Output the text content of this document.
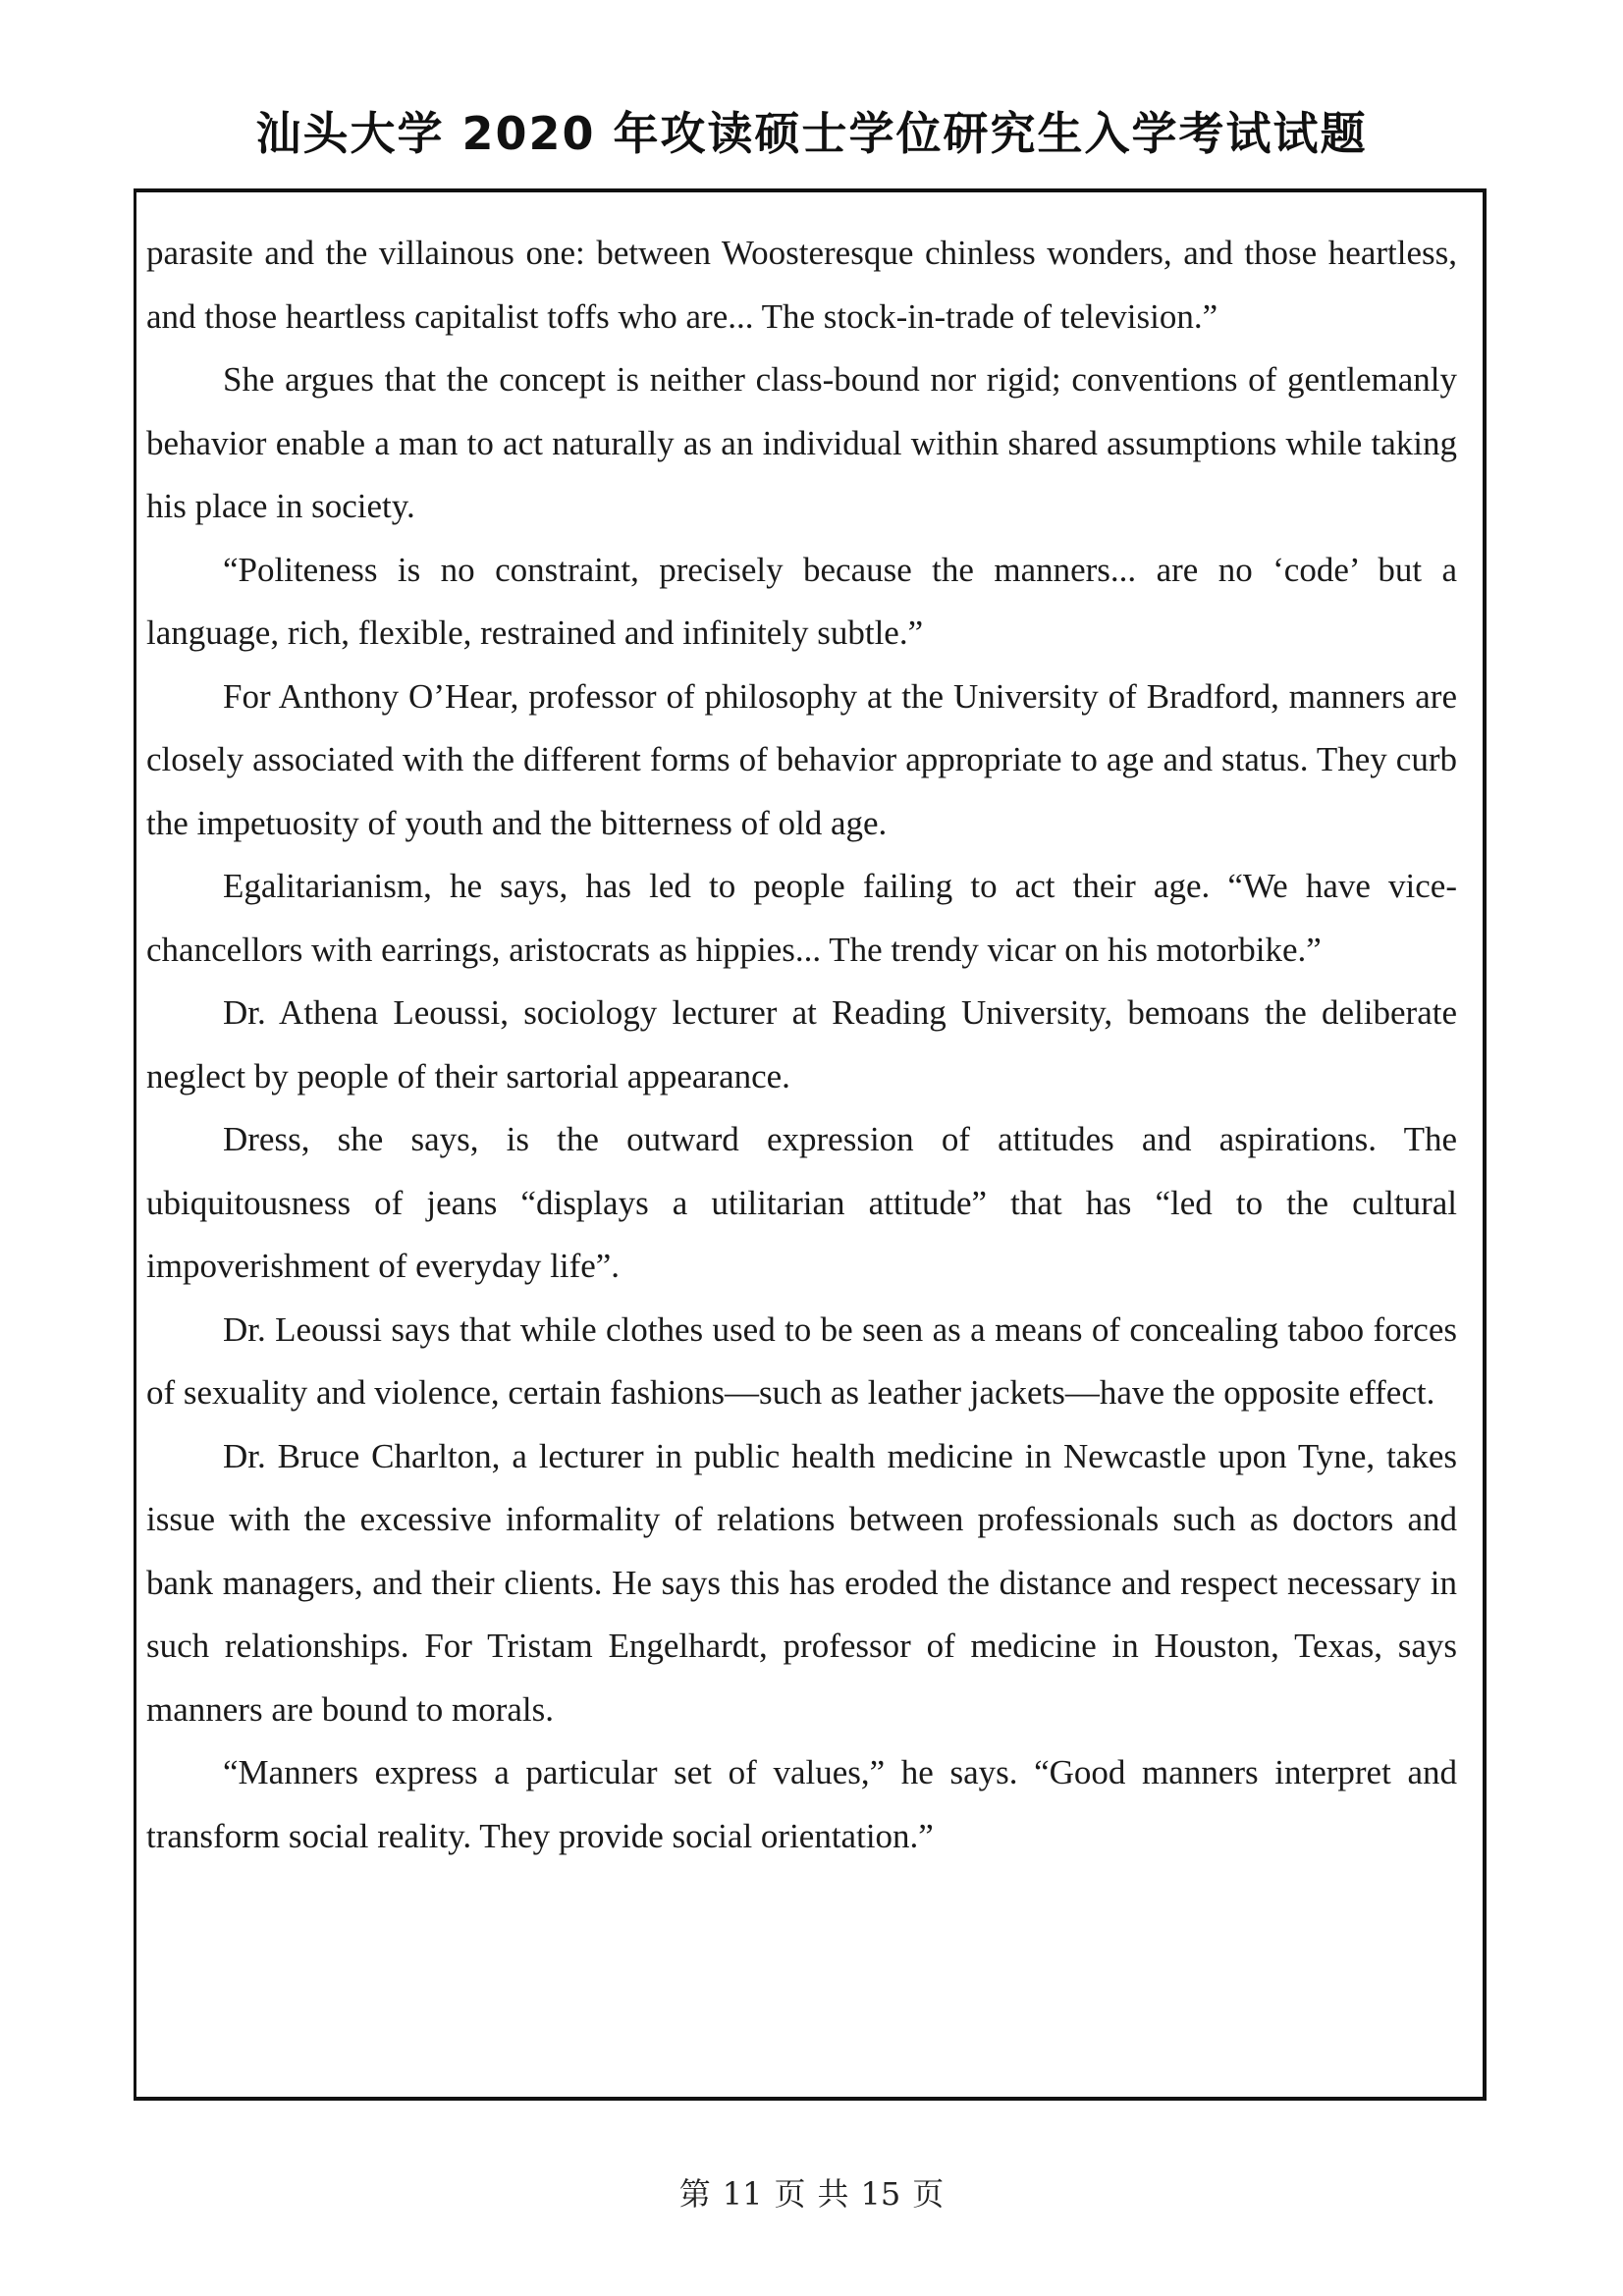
汕头大学 2020 年攻读硕士学位研究生入学考试试题

parasite and the villainous one: between Woosteresque chinless wonders, and those heartless, and those heartless capitalist toffs who are... The stock-in-trade of television.”

She argues that the concept is neither class-bound nor rigid; conventions of gentlemanly behavior enable a man to act naturally as an individual within shared assumptions while taking his place in society.

“Politeness is no constraint, precisely because the manners... are no ‘code’ but a language, rich, flexible, restrained and infinitely subtle.”

For Anthony O’Hear, professor of philosophy at the University of Bradford, manners are closely associated with the different forms of behavior appropriate to age and status. They curb the impetuosity of youth and the bitterness of old age.

Egalitarianism, he says, has led to people failing to act their age. “We have vice-chancellors with earrings, aristocrats as hippies... The trendy vicar on his motorbike.”

Dr. Athena Leoussi, sociology lecturer at Reading University, bemoans the deliberate neglect by people of their sartorial appearance.

Dress, she says, is the outward expression of attitudes and aspirations. The ubiquitousness of jeans “displays a utilitarian attitude” that has “led to the cultural impoverishment of everyday life”.

Dr. Leoussi says that while clothes used to be seen as a means of concealing taboo forces of sexuality and violence, certain fashions—such as leather jackets—have the opposite effect.

Dr. Bruce Charlton, a lecturer in public health medicine in Newcastle upon Tyne, takes issue with the excessive informality of relations between professionals such as doctors and bank managers, and their clients. He says this has eroded the distance and respect necessary in such relationships. For Tristam Engelhardt, professor of medicine in Houston, Texas, says manners are bound to morals.

“Manners express a particular set of values,” he says. “Good manners interpret and transform social reality. They provide social orientation.”

第 11 页 共 15 页
